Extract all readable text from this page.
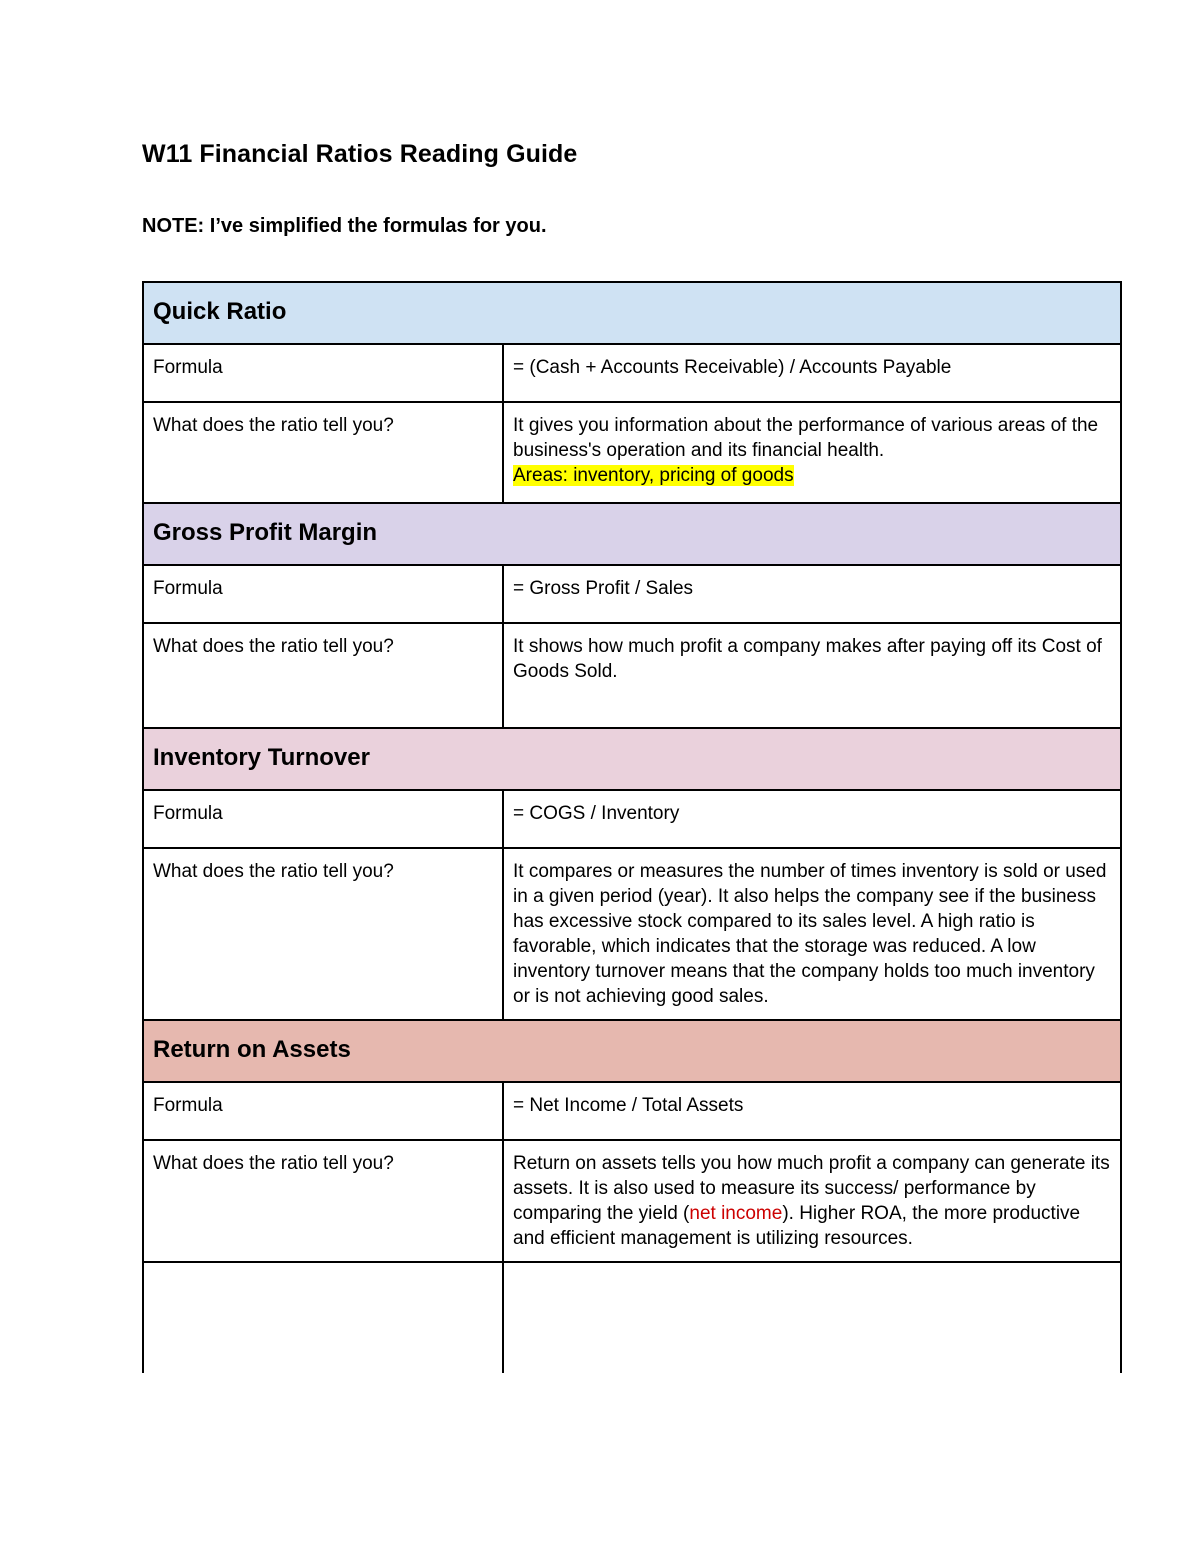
W11 Financial Ratios Reading Guide

NOTE: I’ve simplified the formulas for you.

Quick Ratio	
Formula	= (Cash + Accounts Receivable) / Accounts Payable
What does the ratio tell you?	It gives you information about the performance of various areas of the business's operation and its financial health.
Areas: inventory, pricing of goods
Gross Profit Margin	
Formula	= Gross Profit / Sales
What does the ratio tell you?	It shows how much profit a company makes after paying off its Cost of Goods Sold.
Inventory Turnover	
Formula	= COGS / Inventory
What does the ratio tell you?	It compares or measures the number of times inventory is sold or used in a given period (year). It also helps the company see if the business has excessive stock compared to its sales level. A high ratio is favorable, which indicates that the storage was reduced. A low inventory turnover means that the company holds too much inventory or is not achieving good sales.
Return on Assets	
Formula	= Net Income / Total Assets
What does the ratio tell you?	Return on assets tells you how much profit a company can generate its assets. It is also used to measure its success/ performance by comparing the yield (net income). Higher ROA, the more productive and efficient management is utilizing resources.
